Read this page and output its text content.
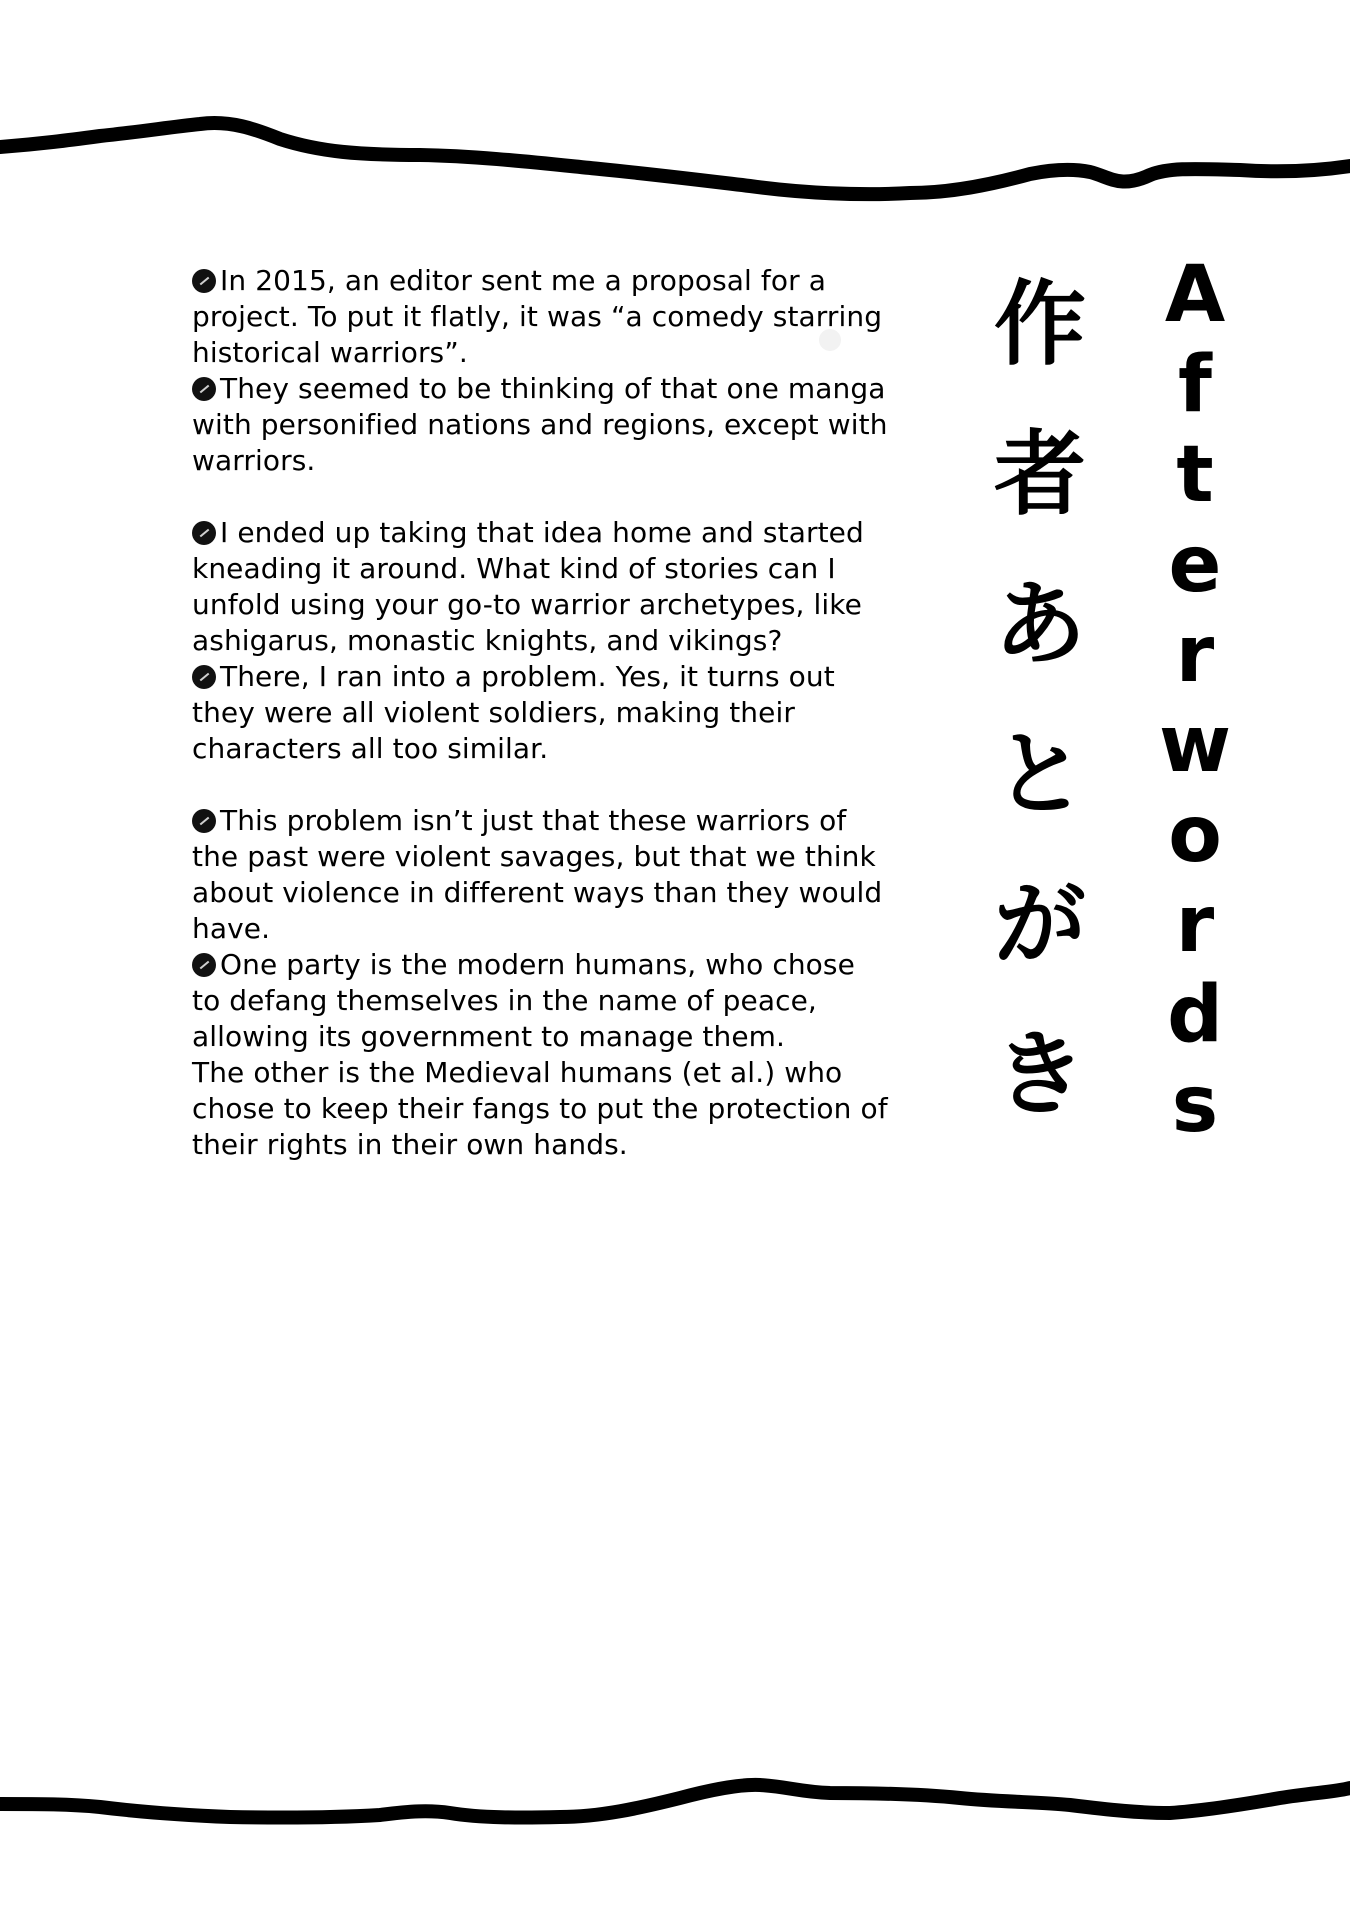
In 2015, an editor sent me a proposal for a
project. To put it flatly, it was “a comedy starring
historical warriors”.

They seemed to be thinking of that one manga
with personified nations and regions, except with
warriors.

I ended up taking that idea home and started
kneading it around. What kind of stories can I
unfold using your go-to warrior archetypes, like
ashigarus, monastic knights, and vikings?

There, I ran into a problem. Yes, it turns out
they were all violent soldiers, making their
characters all too similar.

This problem isn’t just that these warriors of
the past were violent savages, but that we think
about violence in different ways than they would
have.

One party is the modern humans, who chose
to defang themselves in the name of peace,
allowing its government to manage them.
The other is the Medieval humans (et al.) who
chose to keep their fangs to put the protection of
their rights in their own hands.

作
者
あ
と
が
き
A
f
t
e
r
w
o
r
d
s
